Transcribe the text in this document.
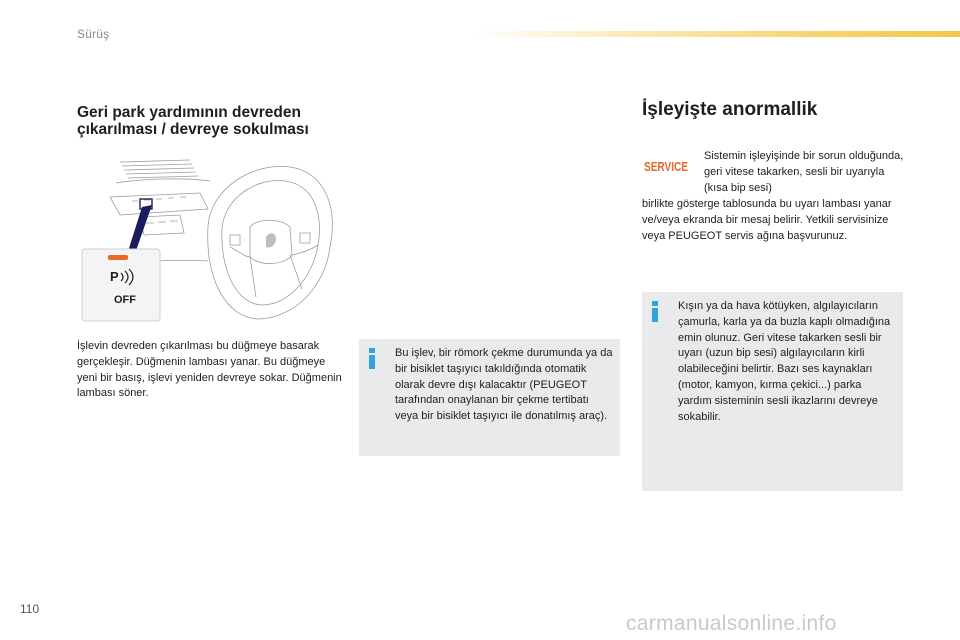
Sürüş
Geri park yardımının devreden
çıkarılması / devreye sokulması
P
OFF
İşlevin devreden çıkarılması bu düğmeye basarak gerçekleşir. Düğmenin lambası yanar. Bu düğmeye yeni bir basış, işlevi yeniden devreye sokar. Düğmenin lambası söner.
Bu işlev, bir römork çekme durumunda ya da bir bisiklet taşıyıcı takıldığında otomatik olarak devre dışı kalacaktır (PEUGEOT tarafından onaylanan bir çekme tertibatı veya bir bisiklet taşıyıcı ile donatılmış araç).
İşleyişte anormallik
SERVICE
Sistemin işleyişinde bir sorun olduğunda, geri vitese takarken, sesli bir uyarıyla (kısa bip sesi)
birlikte gösterge tablosunda bu uyarı lambası yanar ve/veya ekranda bir mesaj belirir. Yetkili servisinize veya PEUGEOT servis ağına başvurunuz.
Kışın ya da hava kötüyken, algılayıcıların çamurla, karla ya da buzla kaplı olmadığına emin olunuz. Geri vitese takarken sesli bir uyarı (uzun bip sesi) algılayıcıların kirli olabileceğini belirtir. Bazı ses kaynakları (motor, kamyon, kırma çekici...) parka yardım sisteminin sesli ikazlarını devreye sokabilir.
110
carmanualsonline.info
